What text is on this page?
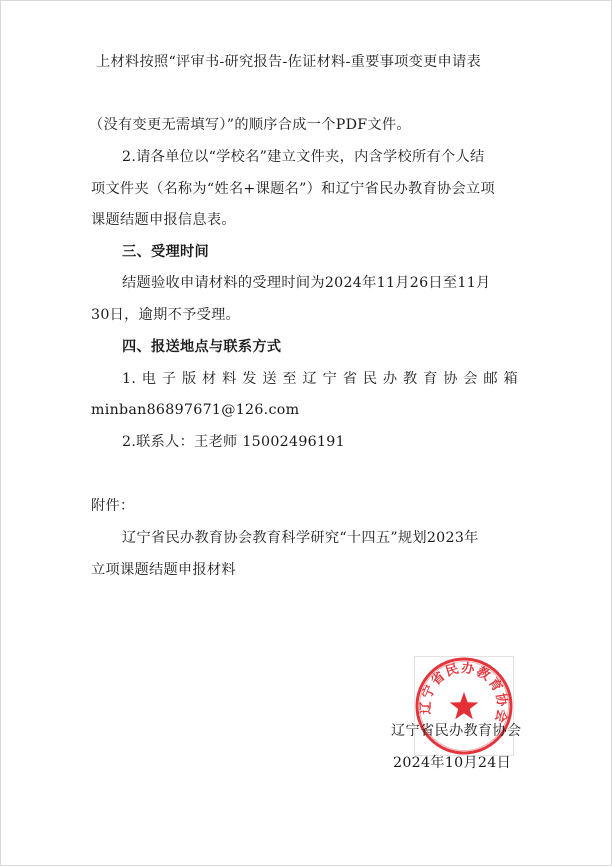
上材料按照“评审书-研究报告-佐证材料-重要事项变更申请表
（没有变更无需填写）”的顺序合成一个PDF文件。
2.请各单位以“学校名”建立文件夹，内含学校所有个人结
项文件夹（名称为“姓名+课题名”）和辽宁省民办教育协会立项
课题结题申报信息表。
三、受理时间
结题验收申请材料的受理时间为2024年11月26日至11月
30日，逾期不予受理。
四、报送地点与联系方式
1.电子版材料发送至辽宁省民办教育协会邮箱
minban86897671@126.com
2.联系人：王老师 15002496191
附件：
辽宁省民办教育协会教育科学研究“十四五”规划2023年
立项课题结题申报材料
辽宁省民办教育协会
辽宁省民办教育协会
2024年10月24日
